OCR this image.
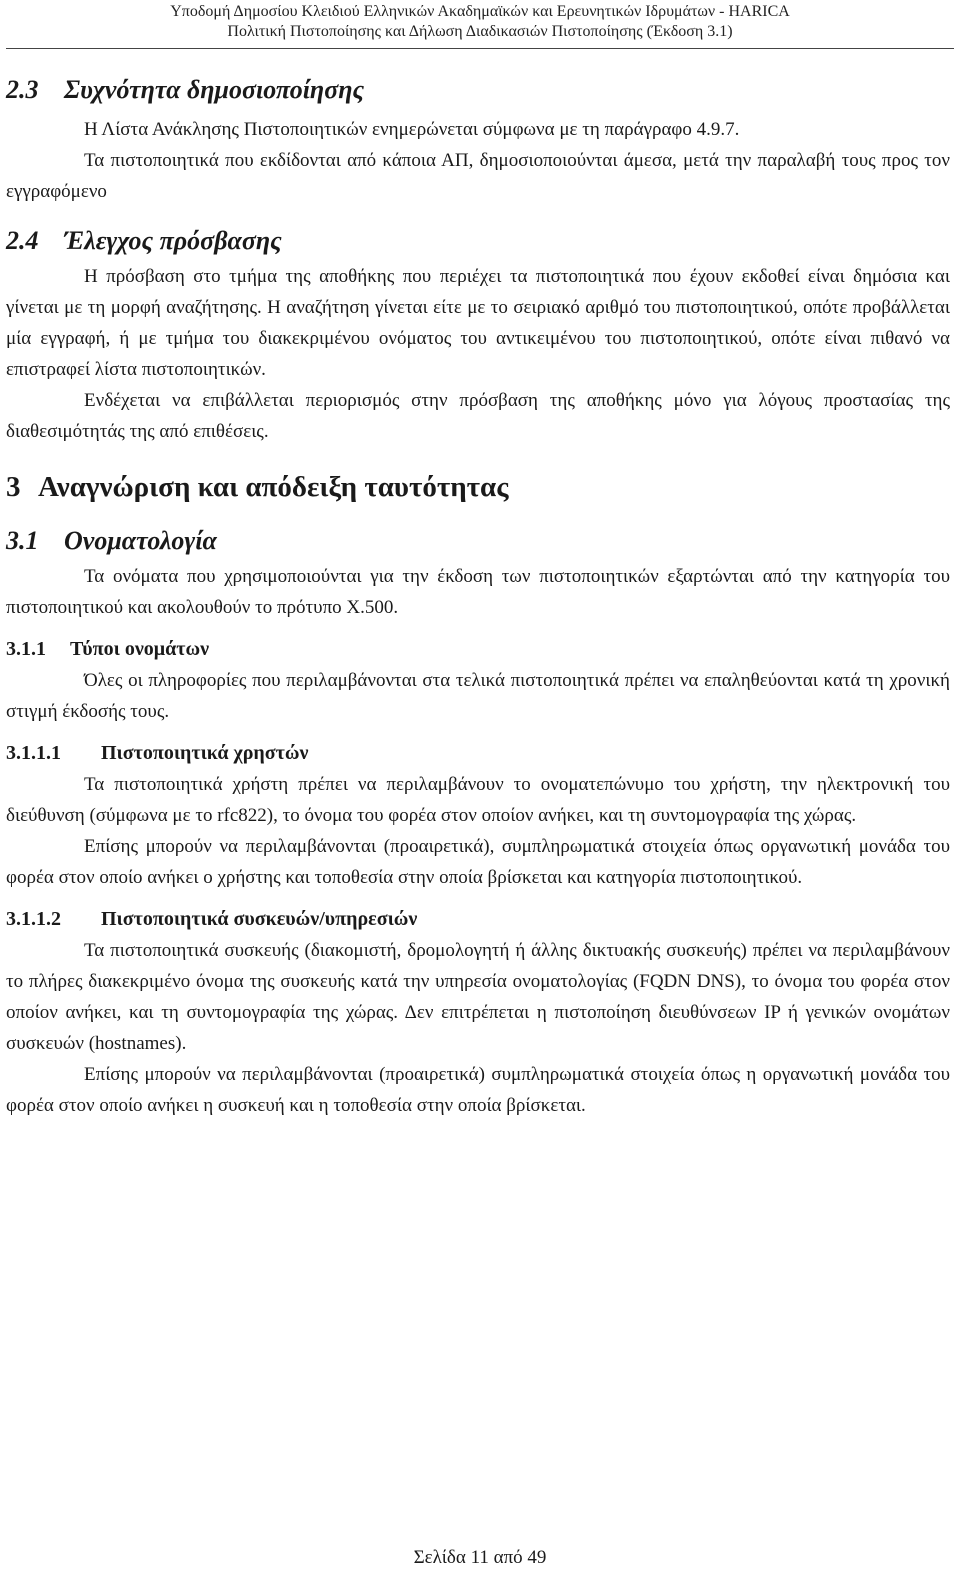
Υποδομή Δημοσίου Κλειδιού Ελληνικών Ακαδημαϊκών και Ερευνητικών Ιδρυμάτων - HARICA
Πολιτική Πιστοποίησης και Δήλωση Διαδικασιών Πιστοποίησης (Έκδοση 3.1)
2.3 Συχνότητα δημοσιοποίησης

Η Λίστα Ανάκλησης Πιστοποιητικών ενημερώνεται σύμφωνα με τη παράγραφο 4.9.7.

Τα πιστοποιητικά που εκδίδονται από κάποια ΑΠ, δημοσιοποιούνται άμεσα, μετά την παραλαβή τους προς τον εγγραφόμενο

2.4 Έλεγχος πρόσβασης

Η πρόσβαση στο τμήμα της αποθήκης που περιέχει τα πιστοποιητικά που έχουν εκδοθεί είναι δημόσια και γίνεται με τη μορφή αναζήτησης. Η αναζήτηση γίνεται είτε με το σειριακό αριθμό του πιστοποιητικού, οπότε προβάλλεται μία εγγραφή, ή με τμήμα του διακεκριμένου ονόματος του αντικειμένου του πιστοποιητικού, οπότε είναι πιθανό να επιστραφεί λίστα πιστοποιητικών.

Ενδέχεται να επιβάλλεται περιορισμός στην πρόσβαση της αποθήκης μόνο για λόγους προστασίας της διαθεσιμότητάς της από επιθέσεις.

3 Αναγνώριση και απόδειξη ταυτότητας
3.1 Ονοματολογία

Τα ονόματα που χρησιμοποιούνται για την έκδοση των πιστοποιητικών εξαρτώνται από την κατηγορία του πιστοποιητικού και ακολουθούν το πρότυπο X.500.

3.1.1 Τύποι ονομάτων

Όλες οι πληροφορίες που περιλαμβάνονται στα τελικά πιστοποιητικά πρέπει να επαληθεύονται κατά τη χρονική στιγμή έκδοσής τους.

3.1.1.1 Πιστοποιητικά χρηστών

Τα πιστοποιητικά χρήστη πρέπει να περιλαμβάνουν το ονοματεπώνυμο του χρήστη, την ηλεκτρονική του διεύθυνση (σύμφωνα με το rfc822), το όνομα του φορέα στον οποίον ανήκει, και τη συντομογραφία της χώρας.

Επίσης μπορούν να περιλαμβάνονται (προαιρετικά), συμπληρωματικά στοιχεία όπως οργανωτική μονάδα του φορέα στον οποίο ανήκει ο χρήστης και τοποθεσία στην οποία βρίσκεται και κατηγορία πιστοποιητικού.

3.1.1.2 Πιστοποιητικά συσκευών/υπηρεσιών

Τα πιστοποιητικά συσκευής (διακομιστή, δρομολογητή ή άλλης δικτυακής συσκευής) πρέπει να περιλαμβάνουν το πλήρες διακεκριμένο όνομα της συσκευής κατά την υπηρεσία ονοματολογίας (FQDN DNS), το όνομα του φορέα στον οποίον ανήκει, και τη συντομογραφία της χώρας. Δεν επιτρέπεται η πιστοποίηση διευθύνσεων IP ή γενικών ονομάτων συσκευών (hostnames).

Επίσης μπορούν να περιλαμβάνονται (προαιρετικά) συμπληρωματικά στοιχεία όπως η οργανωτική μονάδα του φορέα στον οποίο ανήκει η συσκευή και η τοποθεσία στην οποία βρίσκεται.

Σελίδα 11 από 49
